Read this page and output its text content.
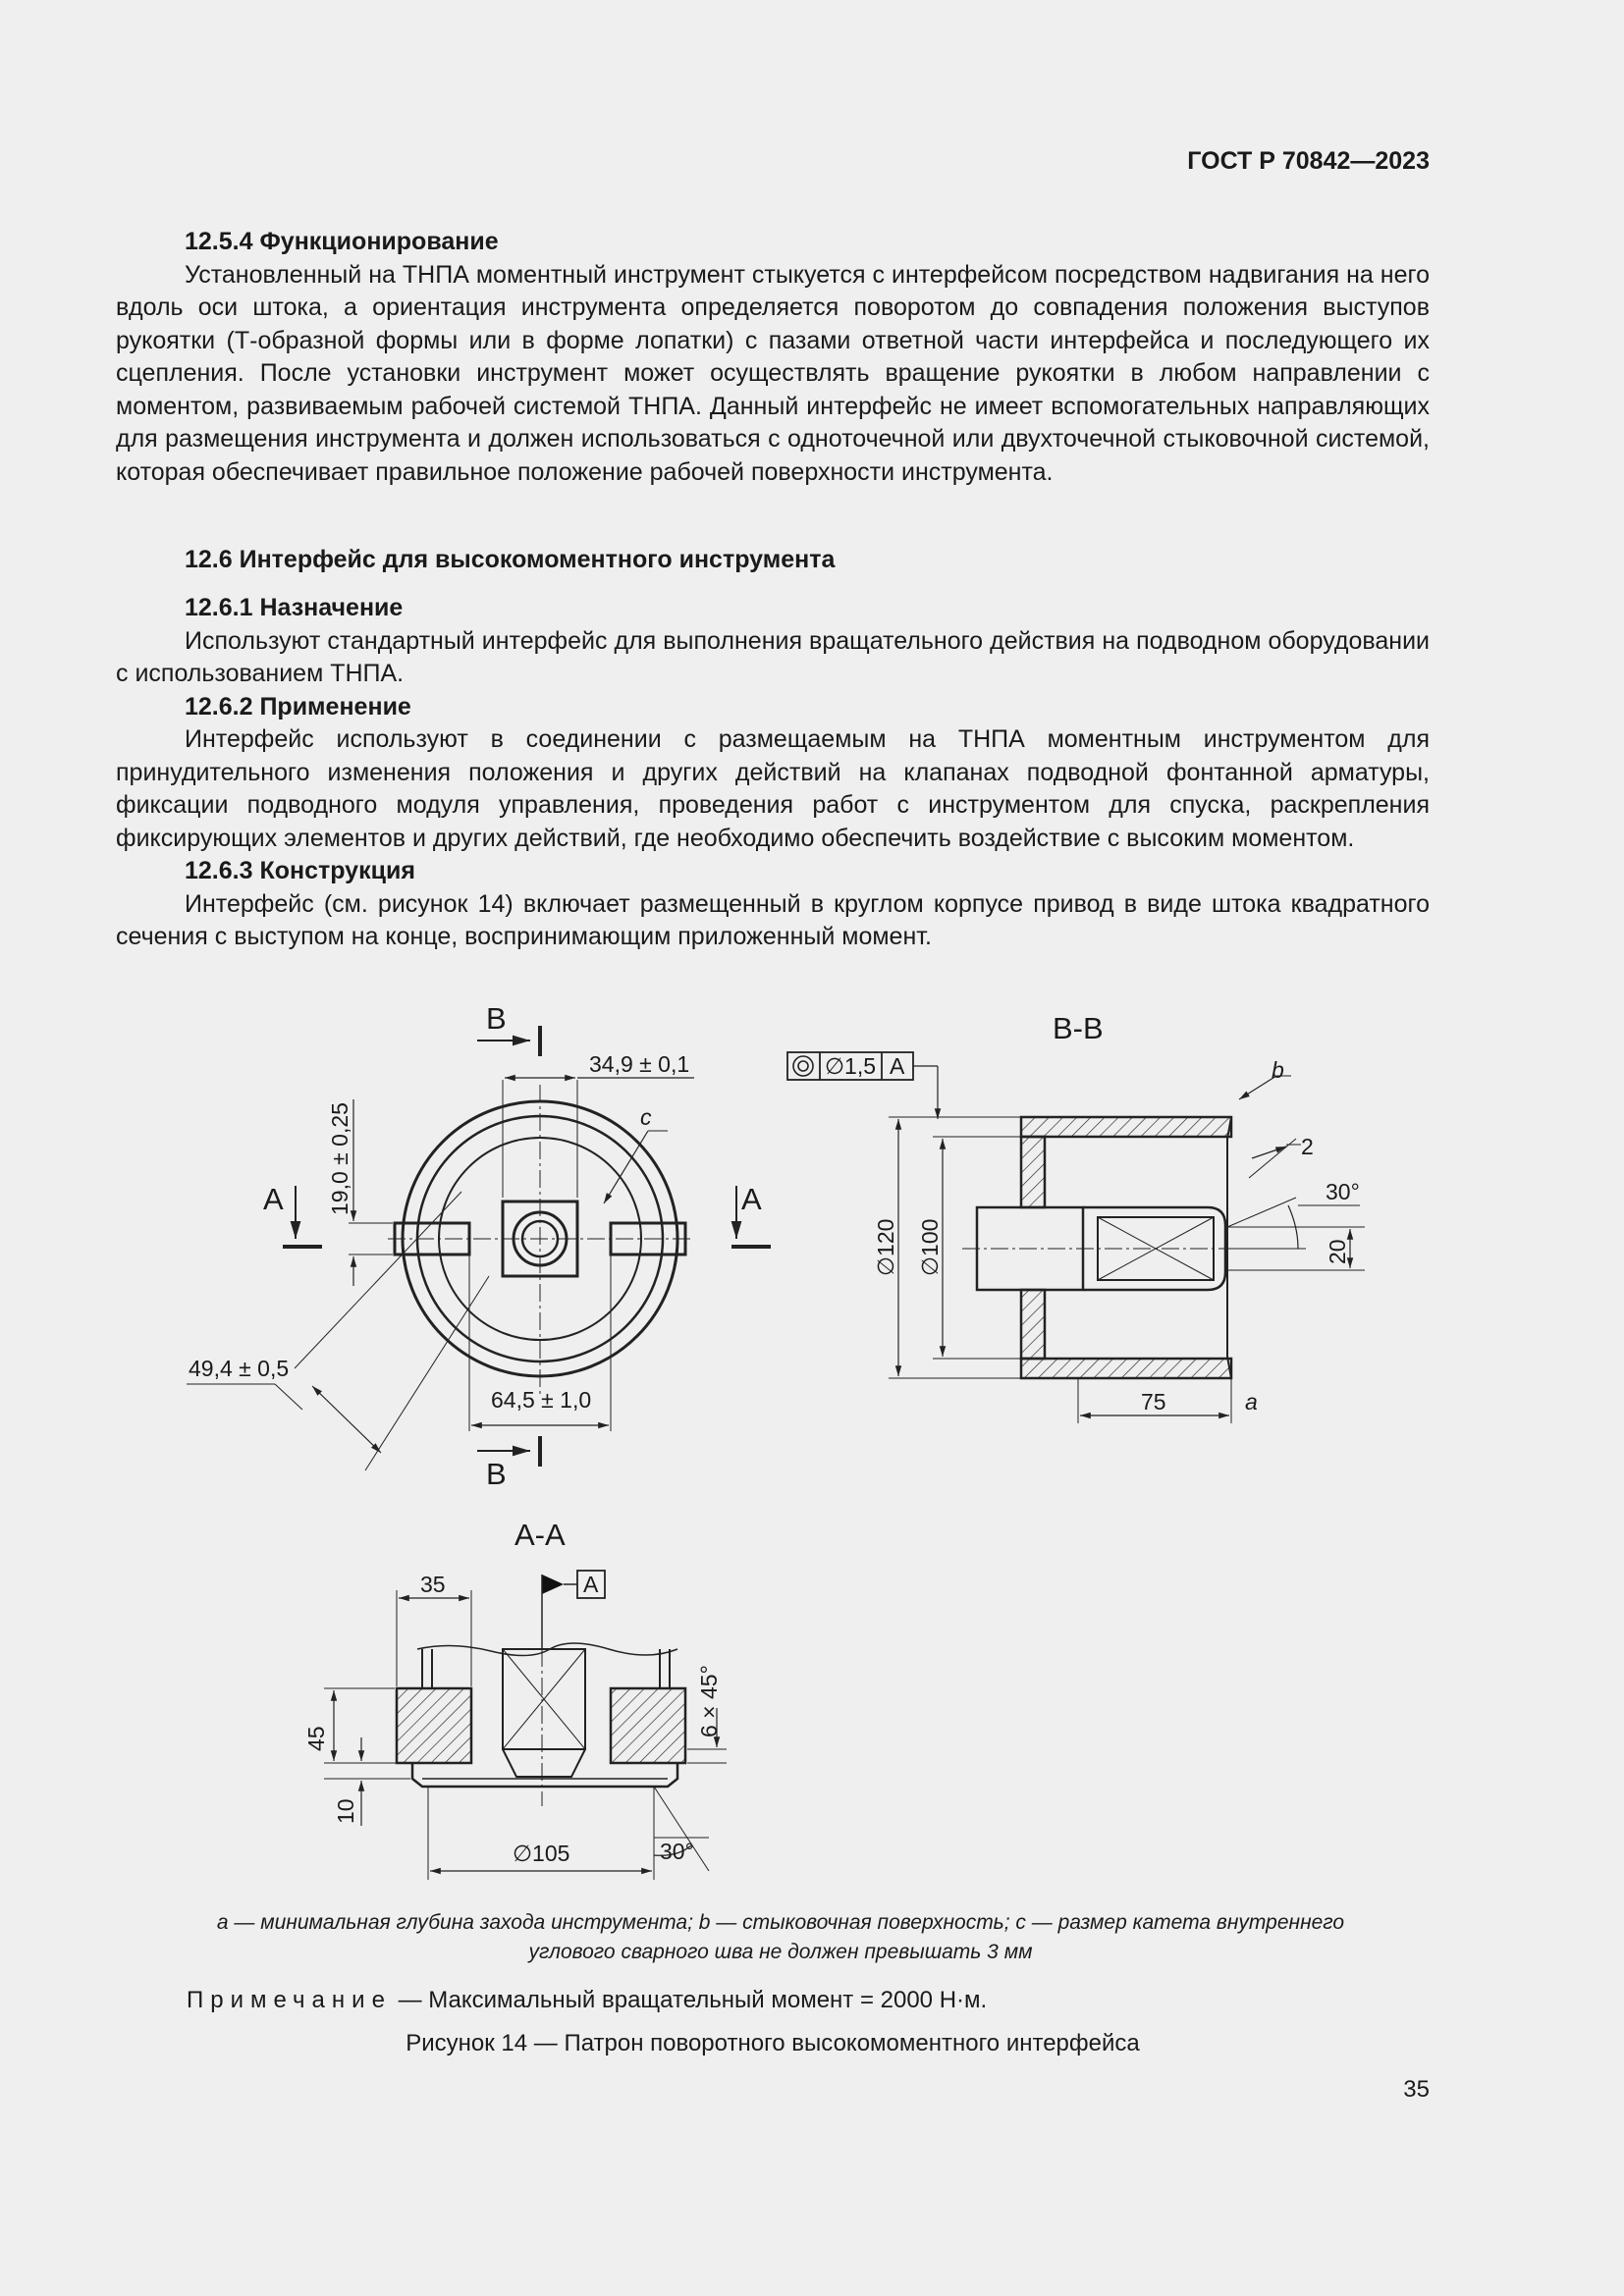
ГОСТ Р 70842—2023

12.5.4 Функционирование

Установленный на ТНПА моментный инструмент стыкуется с интерфейсом посредством надвигания на него вдоль оси штока, а ориентация инструмента определяется поворотом до совпадения положения выступов рукоятки (Т-образной формы или в форме лопатки) с пазами ответной части интерфейса и последующего их сцепления. После установки инструмент может осуществлять вращение рукоятки в любом направлении с моментом, развиваемым рабочей системой ТНПА. Данный интерфейс не имеет вспомогательных направляющих для размещения инструмента и должен использоваться с одноточечной или двухточечной стыковочной системой, которая обеспечивает правильное положение рабочей поверхности инструмента.

12.6 Интерфейс для высокомоментного инструмента

12.6.1 Назначение

Используют стандартный интерфейс для выполнения вращательного действия на подводном оборудовании с использованием ТНПА.

12.6.2 Применение

Интерфейс используют в соединении с размещаемым на ТНПА моментным инструментом для принудительного изменения положения и других действий на клапанах подводной фонтанной арматуры, фиксации подводного модуля управления, проведения работ с инструментом для спуска, раскрепления фиксирующих элементов и других действий, где необходимо обеспечить воздействие с высоким моментом.

12.6.3 Конструкция

Интерфейс (см. рисунок 14) включает размещенный в круглом корпусе привод в виде штока квадратного сечения с выступом на конце, воспринимающим приложенный момент.

В
В
А	А
34,9 ± 0,1
19,0 ± 0,25
64,5 ± 1,0
49,4 ± 0,5
c
В-В
∅1,5 А	b
2
30°
20
∅120 ∅100
75	a
А-А
А
35
45
10
6 × 45°
∅105	30°
а — минимальная глубина захода инструмента; b — стыковочная поверхность; с — размер катета внутреннего углового сварного шва не должен превышать 3 мм
Примечание — Максимальный вращательный момент = 2000 Н·м.
Рисунок 14 — Патрон поворотного высокомоментного интерфейса
35
